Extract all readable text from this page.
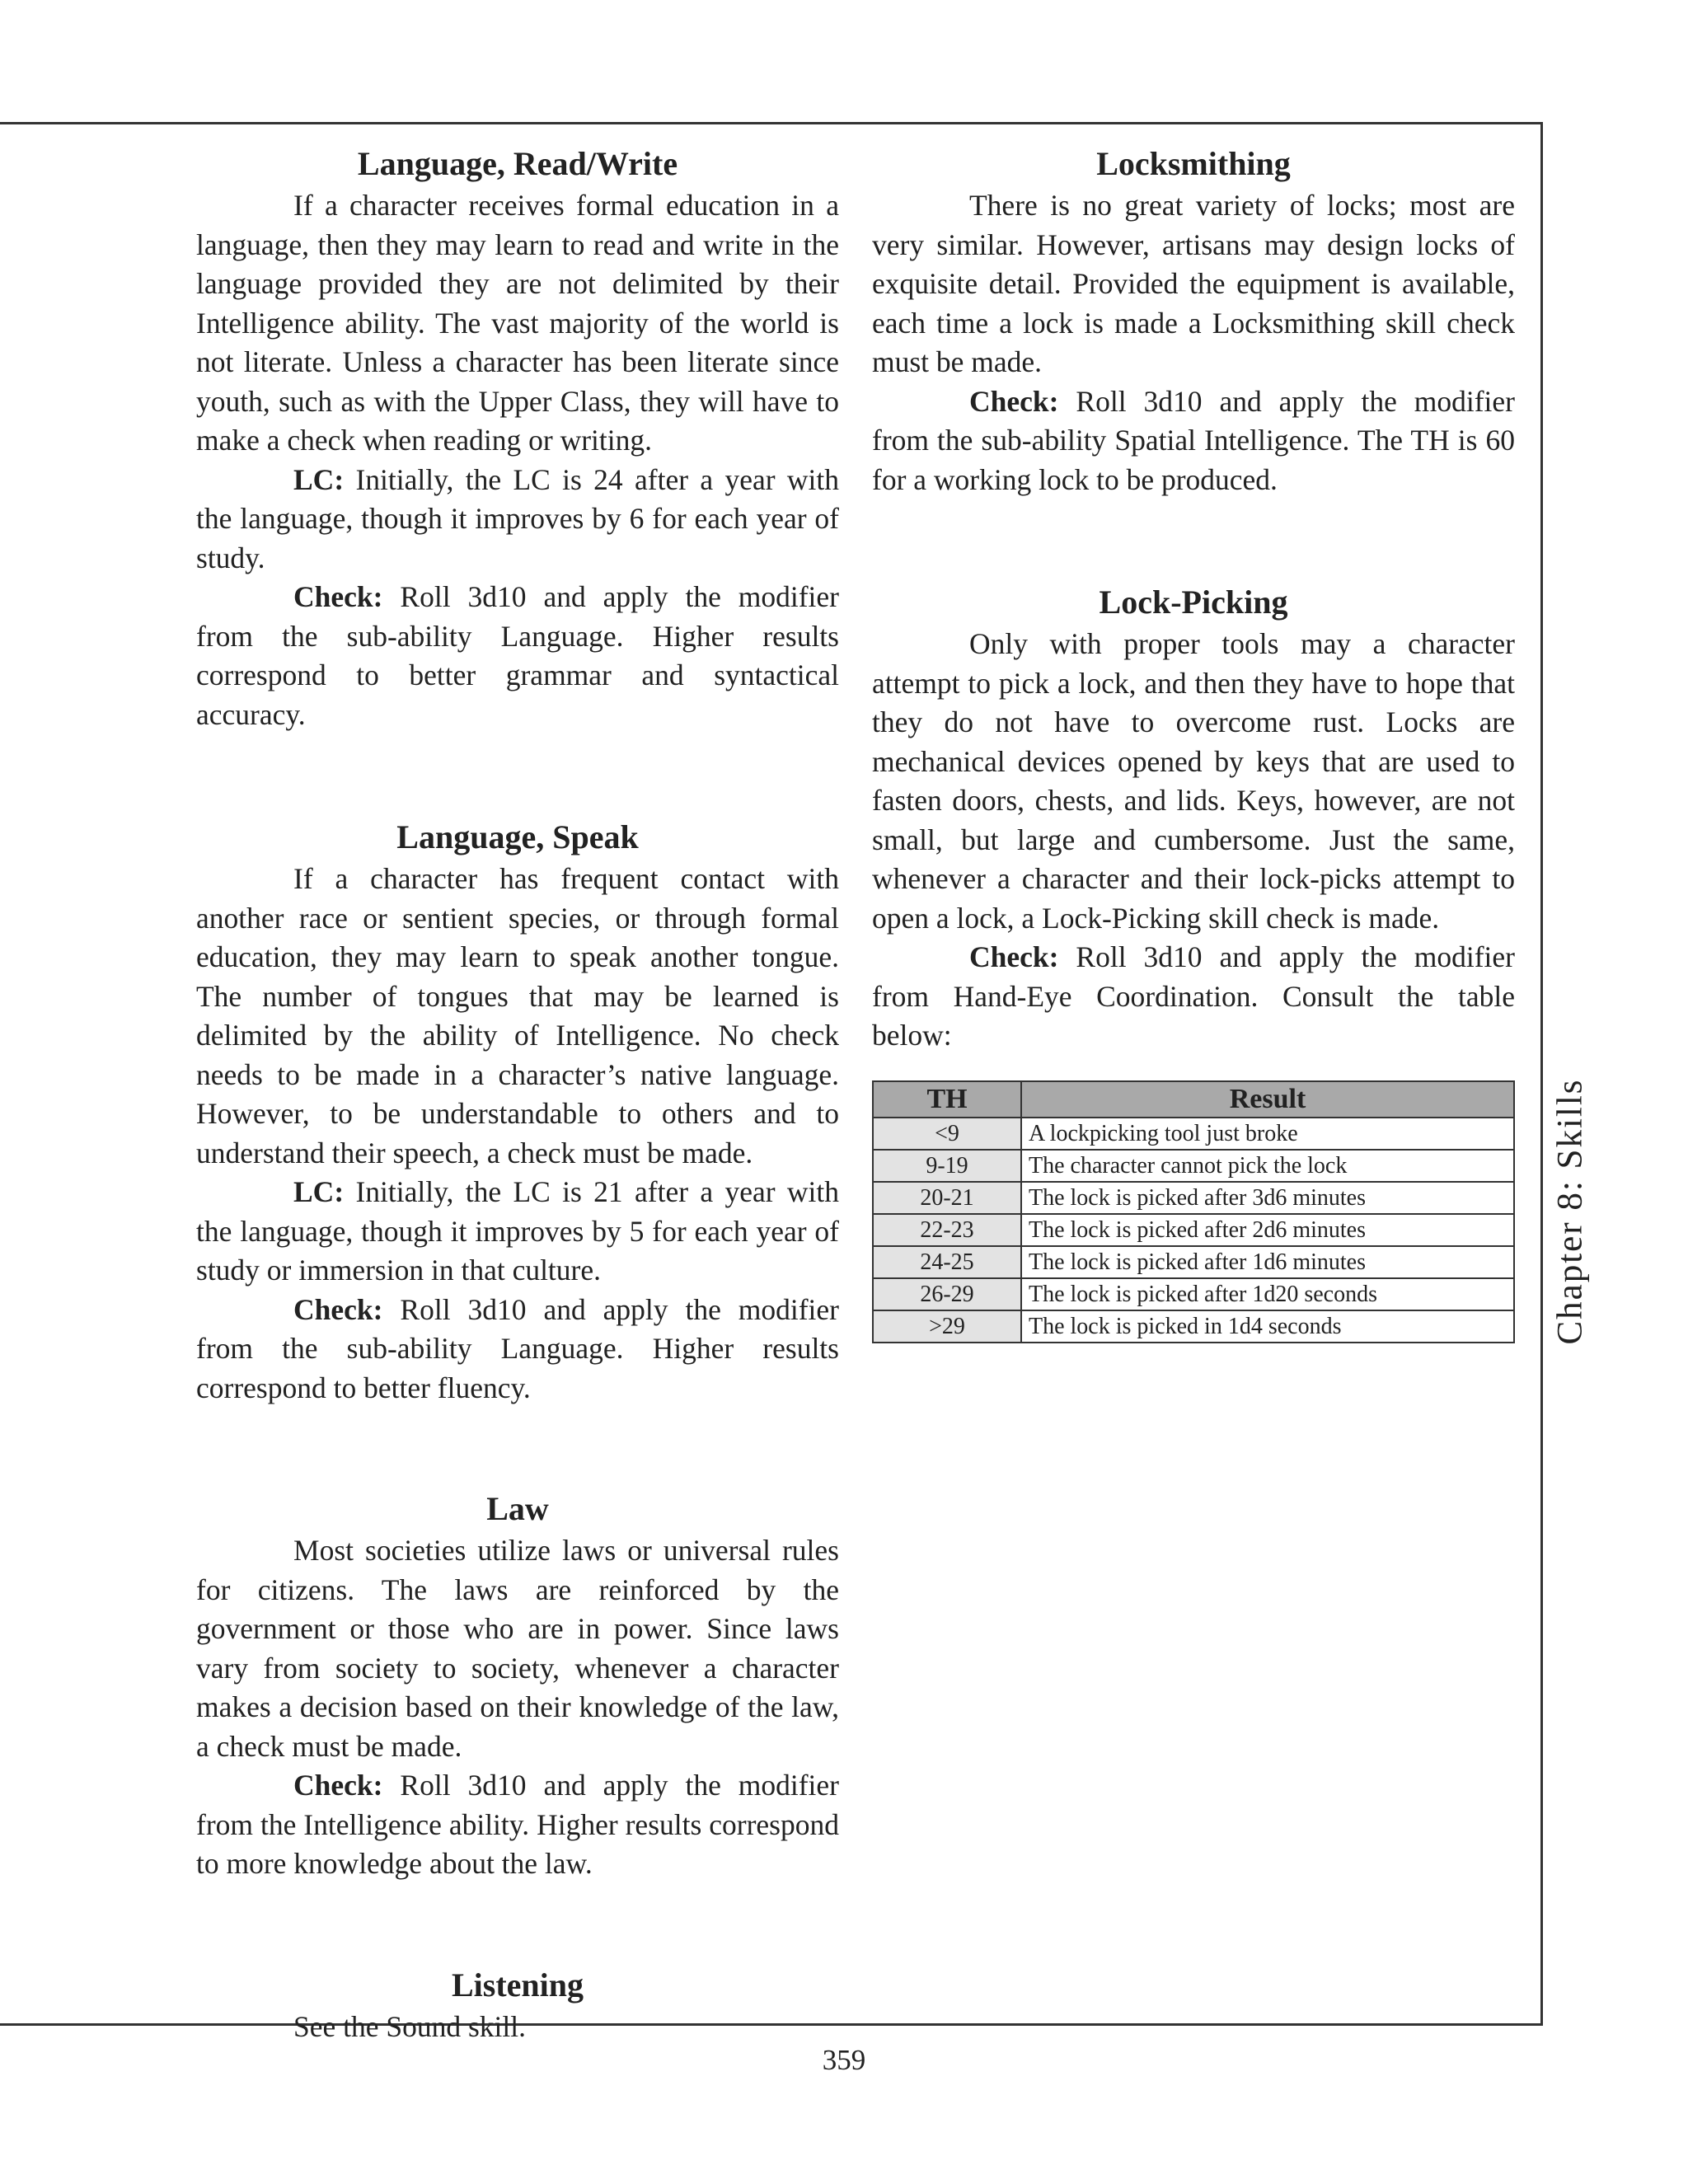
Language, Read/Write

If a character receives formal education in a language, then they may learn to read and write in the language provided they are not delimited by their Intelligence ability. The vast majority of the world is not literate. Unless a character has been literate since youth, such as with the Upper Class, they will have to make a check when reading or writing.

LC: Initially, the LC is 24 after a year with the language, though it improves by 6 for each year of study.

Check: Roll 3d10 and apply the modifier from the sub-ability Language. Higher results correspond to better grammar and syntactical accuracy.

Language, Speak

If a character has frequent contact with another race or sentient species, or through formal education, they may learn to speak another tongue. The number of tongues that may be learned is delimited by the ability of Intelligence. No check needs to be made in a character’s native language. However, to be understandable to others and to understand their speech, a check must be made.

LC: Initially, the LC is 21 after a year with the language, though it improves by 5 for each year of study or immersion in that culture.

Check: Roll 3d10 and apply the modifier from the sub-ability Language. Higher results correspond to better fluency.

Law

Most societies utilize laws or universal rules for citizens. The laws are reinforced by the government or those who are in power. Since laws vary from society to society, whenever a character makes a decision based on their knowledge of the law, a check must be made.

Check: Roll 3d10 and apply the modifier from the Intelligence ability. Higher results correspond to more knowledge about the law.

Listening

See the Sound skill.

Locksmithing

There is no great variety of locks; most are very similar. However, artisans may design locks of exquisite detail. Provided the equipment is available, each time a lock is made a Locksmithing skill check must be made.

Check: Roll 3d10 and apply the modifier from the sub-ability Spatial Intelligence. The TH is 60 for a working lock to be produced.

Lock-Picking

Only with proper tools may a character attempt to pick a lock, and then they have to hope that they do not have to overcome rust. Locks are mechanical devices opened by keys that are used to fasten doors, chests, and lids. Keys, however, are not small, but large and cumbersome. Just the same, whenever a character and their lock-picks attempt to open a lock, a Lock-Picking skill check is made.

Check: Roll 3d10 and apply the modifier from Hand-Eye Coordination. Consult the table below:

TH	Result
<9	A lockpicking tool just broke
9-19	The character cannot pick the lock
20-21	The lock is picked after 3d6 minutes
22-23	The lock is picked after 2d6 minutes
24-25	The lock is picked after 1d6 minutes
26-29	The lock is picked after 1d20 seconds
>29	The lock is picked in 1d4 seconds	Chapter 8: Skills
359
